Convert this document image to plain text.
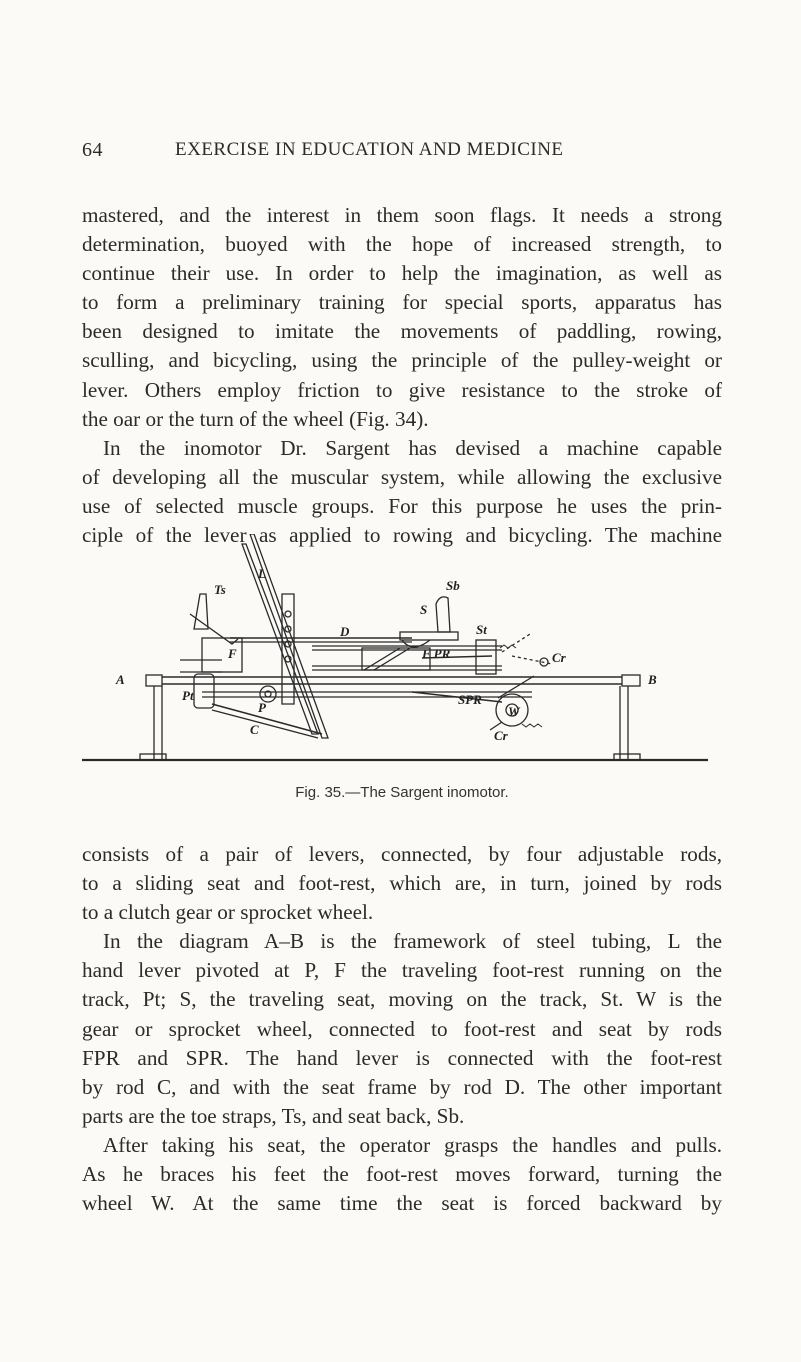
64	EXERCISE IN EDUCATION AND MEDICINE

mastered, and the interest in them soon flags. It needs a strong

determination, buoyed with the hope of increased strength, to

continue their use. In order to help the imagination, as well as

to form a preliminary training for special sports, apparatus has

been designed to imitate the movements of paddling, rowing,

sculling, and bicycling, using the principle of the pulley-weight or

lever. Others employ friction to give resistance to the stroke of

the oar or the turn of the wheel (Fig. 34).

In the inomotor Dr. Sargent has devised a machine capable

of developing all the muscular system, while allowing the exclusive

use of selected muscle groups. For this purpose he uses the prin-

ciple of the lever as applied to rowing and bicycling. The machine

L
Ts	Sb
S
D	St
F	F PR	Cr
A	B
Pt
P
C
SPR
W
Cr
Fig. 35.—The Sargent inomotor.

consists of a pair of levers, connected, by four adjustable rods,

to a sliding seat and foot-rest, which are, in turn, joined by rods

to a clutch gear or sprocket wheel.

In the diagram A–B is the framework of steel tubing, L the

hand lever pivoted at P, F the traveling foot-rest running on the

track, Pt; S, the traveling seat, moving on the track, St. W is the

gear or sprocket wheel, connected to foot-rest and seat by rods

FPR and SPR. The hand lever is connected with the foot-rest

by rod C, and with the seat frame by rod D. The other important

parts are the toe straps, Ts, and seat back, Sb.

After taking his seat, the operator grasps the handles and pulls.

As he braces his feet the foot-rest moves forward, turning the

wheel W. At the same time the seat is forced backward by
